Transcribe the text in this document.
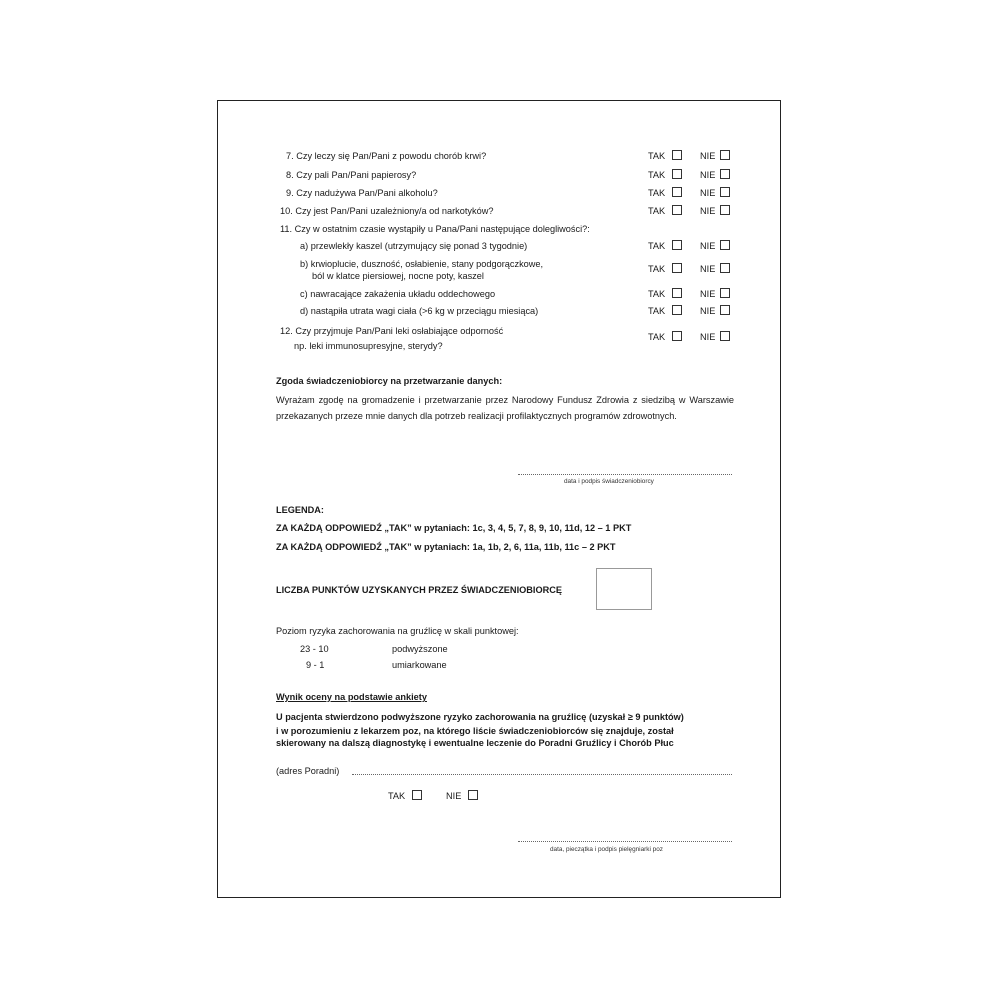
7. Czy leczy się Pan/Pani z powodu chorób krwi?	TAK	NIE
8. Czy pali Pan/Pani papierosy?	TAK	NIE
9. Czy nadużywa Pan/Pani alkoholu?	TAK	NIE
10. Czy jest Pan/Pani uzależniony/a od narkotyków?	TAK	NIE
11. Czy w ostatnim czasie wystąpiły u Pana/Pani następujące dolegliwości?:
a) przewlekły kaszel (utrzymujący się ponad 3 tygodnie)	TAK	NIE
b) krwioplucie, duszność, osłabienie, stany podgorączkowe,
ból w klatce piersiowej, nocne poty, kaszel
TAK	NIE
c) nawracające zakażenia układu oddechowego	TAK	NIE
d) nastąpiła utrata wagi ciała (>6 kg w przeciągu miesiąca)	TAK	NIE
12. Czy przyjmuje Pan/Pani leki osłabiające odporność
np. leki immunosupresyjne, sterydy?
TAK	NIE
Zgoda świadczeniobiorcy na przetwarzanie danych:
Wyrażam zgodę na gromadzenie i przetwarzanie przez Narodowy Fundusz Zdrowia z siedzibą w Warszawie przekazanych przeze mnie danych dla potrzeb realizacji profilaktycznych programów zdrowotnych.
data i podpis świadczeniobiorcy
LEGENDA:
ZA KAŻDĄ ODPOWIEDŹ „TAK” w pytaniach: 1c, 3, 4, 5, 7, 8, 9, 10, 11d, 12 – 1 PKT
ZA KAŻDĄ ODPOWIEDŹ „TAK” w pytaniach: 1a, 1b, 2, 6, 11a, 11b, 11c – 2 PKT
LICZBA PUNKTÓW UZYSKANYCH PRZEZ ŚWIADCZENIOBIORCĘ
Poziom ryzyka zachorowania na gruźlicę w skali punktowej:
23 - 10	podwyższone
9 - 1	umiarkowane
Wynik oceny na podstawie ankiety
U pacjenta stwierdzono podwyższone ryzyko zachorowania na gruźlicę (uzyskał ≥ 9 punktów)
i w porozumieniu z lekarzem poz, na którego liście świadczeniobiorców się znajduje, został
skierowany na dalszą diagnostykę i ewentualne leczenie do Poradni Gruźlicy i Chorób Płuc
(adres Poradni)
TAK	NIE
data, pieczątka i podpis pielęgniarki poz
